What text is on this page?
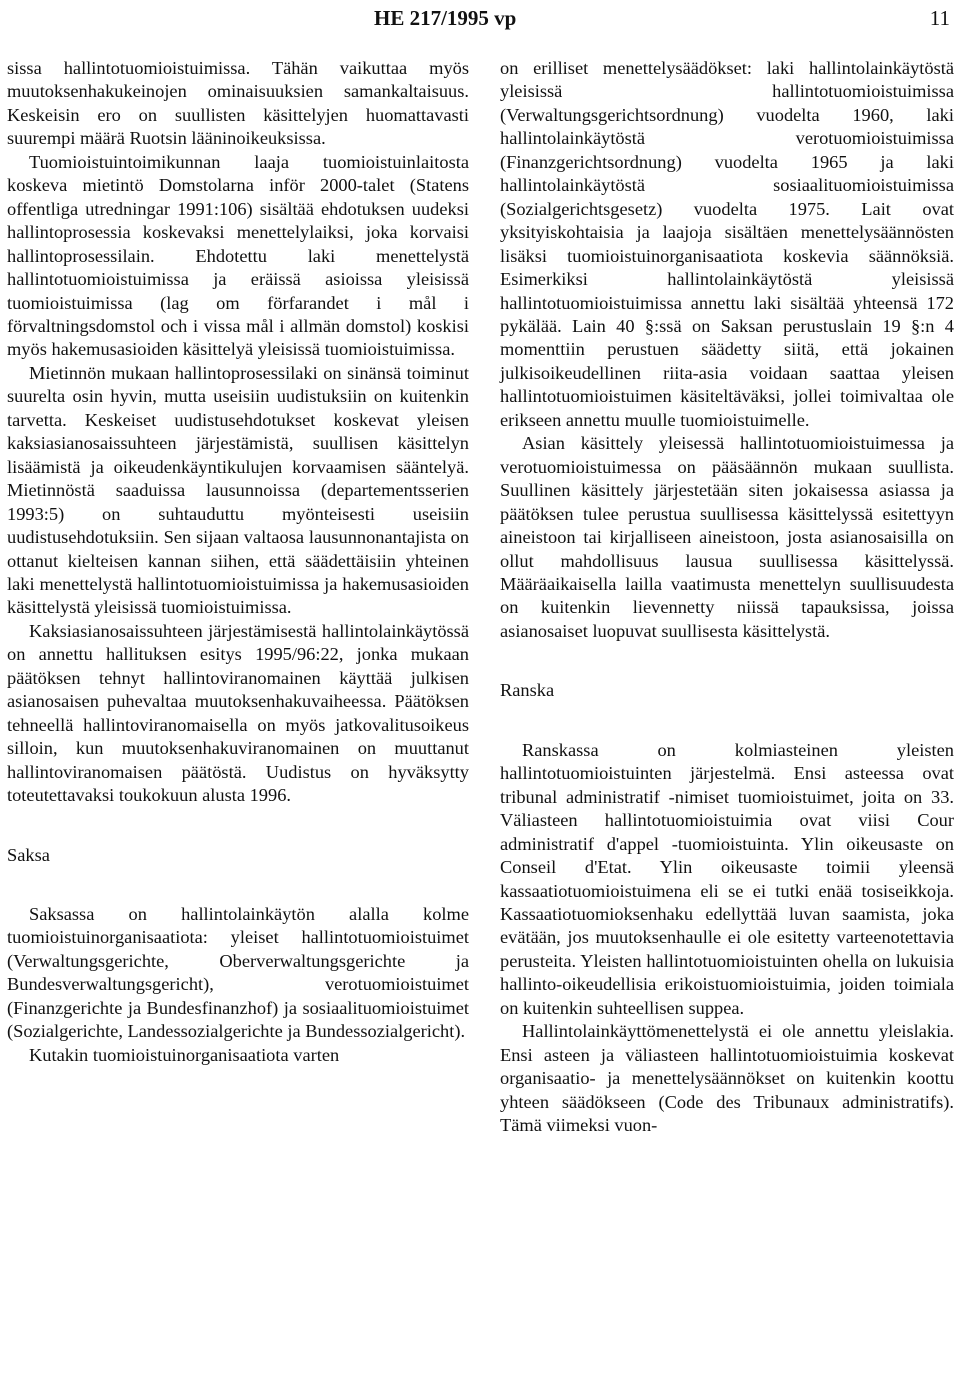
HE 217/1995 vp	11

sissa hallintotuomioistuimissa. Tähän vaikuttaa myös muutoksenhakukeinojen ominaisuuksien samankaltaisuus. Keskeisin ero on suullisten käsittelyjen huomattavasti suurempi määrä Ruotsin lääninoikeuksissa.

Tuomioistuintoimikunnan laaja tuomioistuinlaitosta koskeva mietintö Domstolarna inför 2000-talet (Statens offentliga utredningar 1991:106) sisältää ehdotuksen uudeksi hallintoprosessia koskevaksi menettelylaiksi, joka korvaisi hallintoprosessilain. Ehdotettu laki menettelystä hallintotuomioistuimissa ja eräissä asioissa yleisissä tuomioistuimissa (lag om förfarandet i mål i förvaltningsdomstol och i vissa mål i allmän domstol) koskisi myös hakemusasioiden käsittelyä yleisissä tuomioistuimissa.

Mietinnön mukaan hallintoprosessilaki on sinänsä toiminut suurelta osin hyvin, mutta useisiin uudistuksiin on kuitenkin tarvetta. Keskeiset uudistusehdotukset koskevat yleisen kaksiasianosaissuhteen järjestämistä, suullisen käsittelyn lisäämistä ja oikeudenkäyntikulujen korvaamisen sääntelyä. Mietinnöstä saaduissa lausunnoissa (departementsserien 1993:5) on suhtauduttu myönteisesti useisiin uudistusehdotuksiin. Sen sijaan valtaosa lausunnonantajista on ottanut kielteisen kannan siihen, että säädettäisiin yhteinen laki menettelystä hallintotuomioistuimissa ja hakemusasioiden käsittelystä yleisissä tuomioistuimissa.

Kaksiasianosaissuhteen järjestämisestä hallintolainkäytössä on annettu hallituksen esitys 1995/96:22, jonka mukaan päätöksen tehnyt hallintoviranomainen käyttää julkisen asianosaisen puhevaltaa muutoksenhakuvaiheessa. Päätöksen tehneellä hallintoviranomaisella on myös jatkovalitusoikeus silloin, kun muutoksenhakuviranomainen on muuttanut hallintoviranomaisen päätöstä. Uudistus on hyväksytty toteutettavaksi toukokuun alusta 1996.

Saksa

Saksassa on hallintolainkäytön alalla kolme tuomioistuinorganisaatiota: yleiset hallintotuomioistuimet (Verwaltungsgerichte, Oberverwaltungsgerichte ja Bundesverwaltungsgericht), verotuomioistuimet (Finanzgerichte ja Bundesfinanzhof) ja sosiaalituomioistuimet (Sozialgerichte, Landessozialgerichte ja Bundessozialgericht).

Kutakin tuomioistuinorganisaatiota varten

on erilliset menettelysäädökset: laki hallintolainkäytöstä yleisissä hallintotuomioistuimissa (Verwaltungsgerichtsordnung) vuodelta 1960, laki hallintolainkäytöstä verotuomioistuimissa (Finanzgerichtsordnung) vuodelta 1965 ja laki hallintolainkäytöstä sosiaalituomioistuimissa (Sozialgerichtsgesetz) vuodelta 1975. Lait ovat yksityiskohtaisia ja laajoja sisältäen menettelysäännösten lisäksi tuomioistuinorganisaatiota koskevia säännöksiä. Esimerkiksi hallintolainkäytöstä yleisissä hallintotuomioistuimissa annettu laki sisältää yhteensä 172 pykälää. Lain 40 §:ssä on Saksan perustuslain 19 §:n 4 momenttiin perustuen säädetty siitä, että jokainen julkisoikeudellinen riita-asia voidaan saattaa yleisen hallintotuomioistuimen käsiteltäväksi, jollei toimivaltaa ole erikseen annettu muulle tuomioistuimelle.

Asian käsittely yleisessä hallintotuomioistuimessa ja verotuomioistuimessa on pääsäännön mukaan suullista. Suullinen käsittely järjestetään siten jokaisessa asiassa ja päätöksen tulee perustua suullisessa käsittelyssä esitettyyn aineistoon tai kirjalliseen aineistoon, josta asianosaisilla on ollut mahdollisuus lausua suullisessa käsittelyssä. Määräaikaisella lailla vaatimusta menettelyn suullisuudesta on kuitenkin lievennetty niissä tapauksissa, joissa asianosaiset luopuvat suullisesta käsittelystä.

Ranska

Ranskassa on kolmiasteinen yleisten hallintotuomioistuinten järjestelmä. Ensi asteessa ovat tribunal administratif -nimiset tuomioistuimet, joita on 33. Väliasteen hallintotuomioistuimia ovat viisi Cour administratif d'appel -tuomioistuinta. Ylin oikeusaste on Conseil d'Etat. Ylin oikeusaste toimii yleensä kassaatiotuomioistuimena eli se ei tutki enää tosiseikkoja. Kassaatiotuomioksenhaku edellyttää luvan saamista, joka evätään, jos muutoksenhaulle ei ole esitetty varteenotettavia perusteita. Yleisten hallintotuomioistuinten ohella on lukuisia hallinto-oikeudellisia erikoistuomioistuimia, joiden toimiala on kuitenkin suhteellisen suppea.

Hallintolainkäyttömenettelystä ei ole annettu yleislakia. Ensi asteen ja väliasteen hallintotuomioistuimia koskevat organisaatio- ja menettelysäännökset on kuitenkin koottu yhteen säädökseen (Code des Tribunaux administratifs). Tämä viimeksi vuon-
